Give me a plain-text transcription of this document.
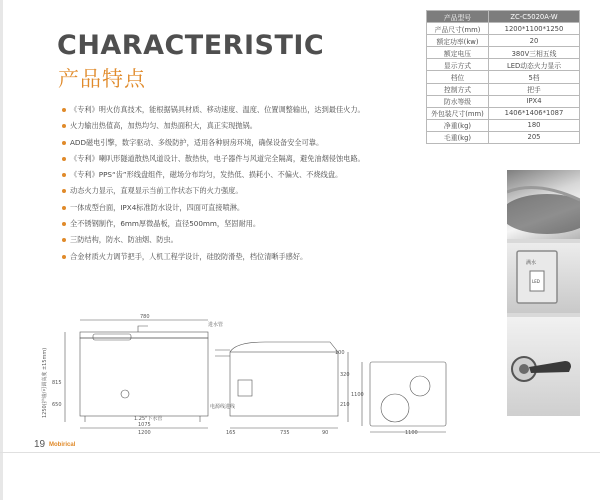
CHARACTERISTIC
产品特点
《专利》明火仿真技术，能根据锅具材质、移动速度、温度、位置调整输出，达到最佳火力。
火力输出热值高，加热均匀、加热面积大，真正实现抛锅。
ADD磁电引擎，数字驱动、多级防护，适用各种厨房环境，确保设备安全可靠。
《专利》喇叭形隧道散热风道设计、散热快，电子器件与风道完全隔离，避免油烟侵蚀电路。
《专利》PPS“齿”形线盘组件，磁场分布均匀，发热低、损耗小、不偏火、不烧线盘。
动态火力显示，直观显示当前工作状态下的火力强度。
一体成型台面，IPX4标准防水设计，四面可直接喷淋。
全不锈钢制作，6mm厚微晶板，直径500mm，坚固耐用。
三防结构，防水、防油烟、防虫。
合金材质火力调节把手，人机工程学设计，硅胶防滑垫，档位清晰手感好。
产品型号	ZC-C5020A-W
产品尺寸(mm)	1200*1100*1250
额定功率(kw)	20
额定电压	380V三相五线
显示方式	LED动态火力显示
档位	5档
控制方式	把手
防水等级	IPX4
外包装尺寸(mm)	1406*1406*1087
净重(kg)	180
毛重(kg)	205
满水
LED
780
进水管
1.25"下水管
电源线进线
1075
1200
815
650
320
210
165	735	90	1100
1100
100
1250(护墙/可调高度 ±15mm)
19 Mobirical
